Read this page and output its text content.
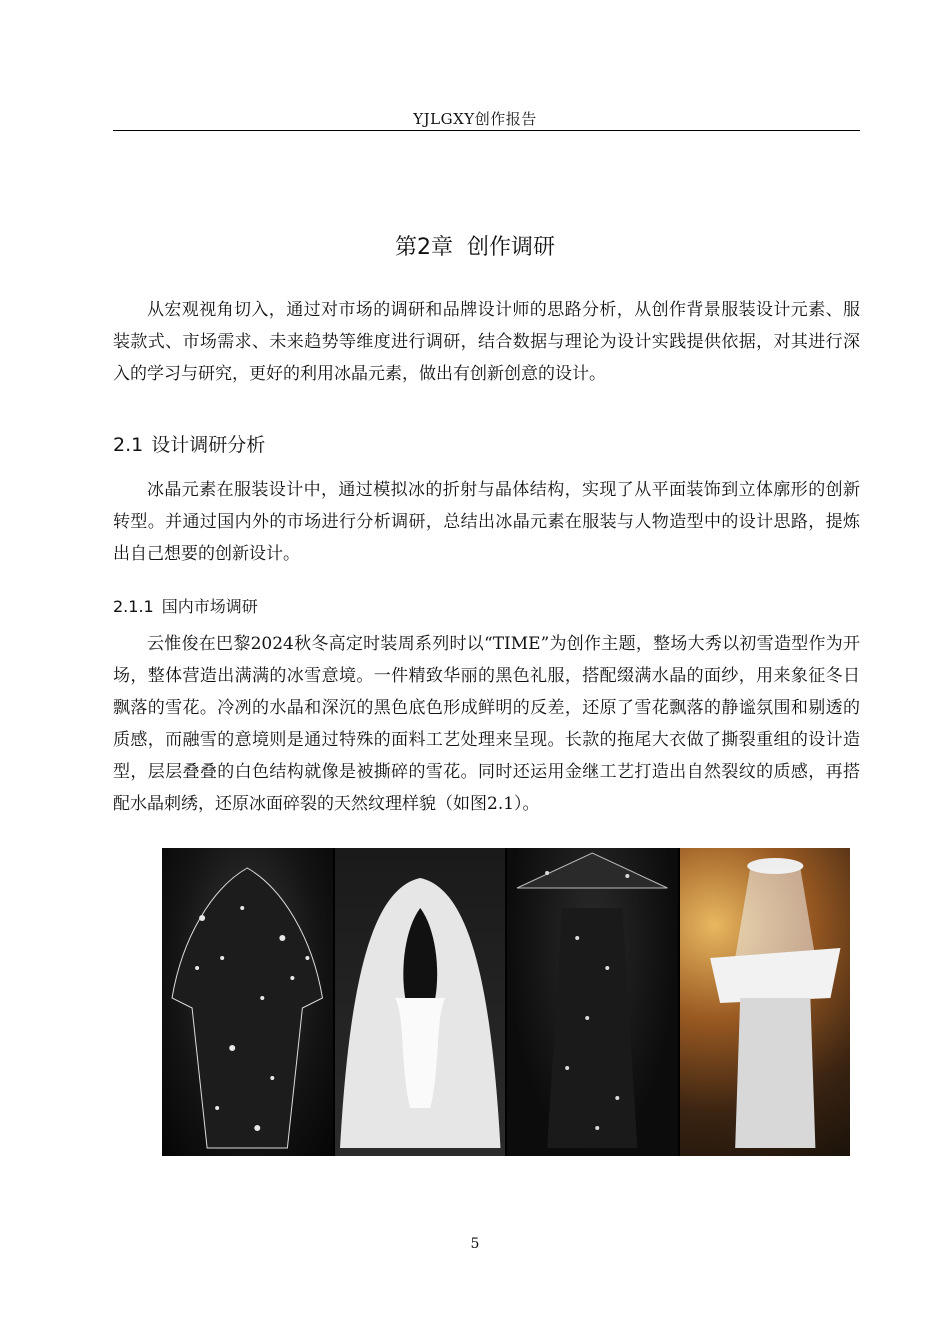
YJLGXY创作报告
第2章 创作调研

从宏观视角切入，通过对市场的调研和品牌设计师的思路分析，从创作背景服装设计元素、服装款式、市场需求、未来趋势等维度进行调研，结合数据与理论为设计实践提供依据，对其进行深入的学习与研究，更好的利用冰晶元素，做出有创新创意的设计。

2.1 设计调研分析

冰晶元素在服装设计中，通过模拟冰的折射与晶体结构，实现了从平面装饰到立体廓形的创新转型。并通过国内外的市场进行分析调研，总结出冰晶元素在服装与人物造型中的设计思路，提炼出自己想要的创新设计。

2.1.1 国内市场调研

云惟俊在巴黎2024秋冬高定时装周系列时以“TIME”为创作主题，整场大秀以初雪造型作为开场，整体营造出满满的冰雪意境。一件精致华丽的黑色礼服，搭配缀满水晶的面纱，用来象征冬日飘落的雪花。冷冽的水晶和深沉的黑色底色形成鲜明的反差，还原了雪花飘落的静谧氛围和剔透的质感，而融雪的意境则是通过特殊的面料工艺处理来呈现。长款的拖尾大衣做了撕裂重组的设计造型，层层叠叠的白色结构就像是被撕碎的雪花。同时还运用金继工艺打造出自然裂纹的质感，再搭配水晶刺绣，还原冰面碎裂的天然纹理样貌（如图2.1）。

5
